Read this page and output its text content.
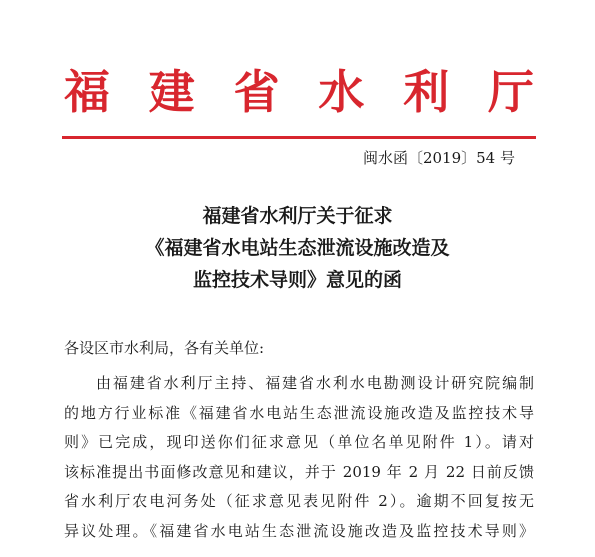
福 建 省 水 利 厅
闽水函〔2019〕54 号
福建省水利厅关于征求
《福建省水电站生态泄流设施改造及
监控技术导则》意见的函
各设区市水利局，各有关单位:
由福建省水利厅主持、福建省水利水电勘测设计研究院编制
的地方行业标准《福建省水电站生态泄流设施改造及监控技术导
则》已完成，现印送你们征求意见（单位名单见附件 1）。请对
该标准提出书面修改意见和建议，并于 2019 年 2 月 22 日前反馈
省水利厅农电河务处（征求意见表见附件 2）。逾期不回复按无
异议处理。《福建省水电站生态泄流设施改造及监控技术导则》
